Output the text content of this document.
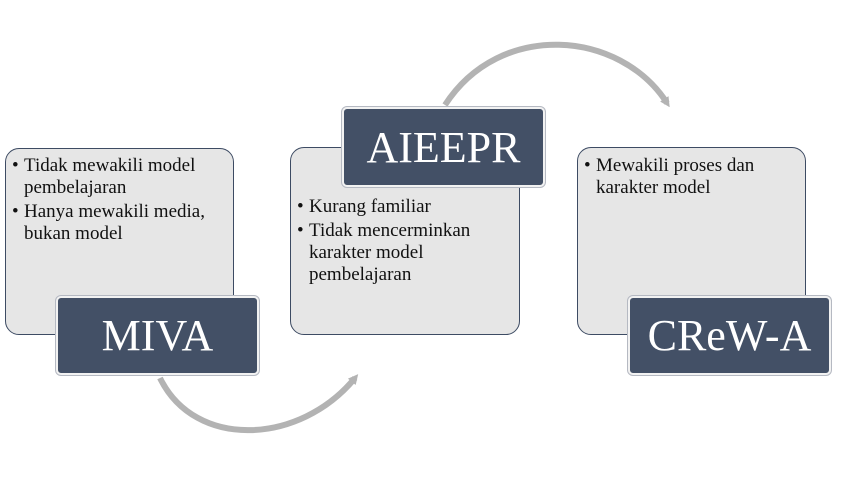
• Tidak mewakili model pembelajaran
• Hanya mewakili media, bukan model
MIVA
• Kurang familiar
• Tidak mencerminkan karakter model pembelajaran
AIEEPR
•	Mewakili proses dan karakter model
CReW-A
